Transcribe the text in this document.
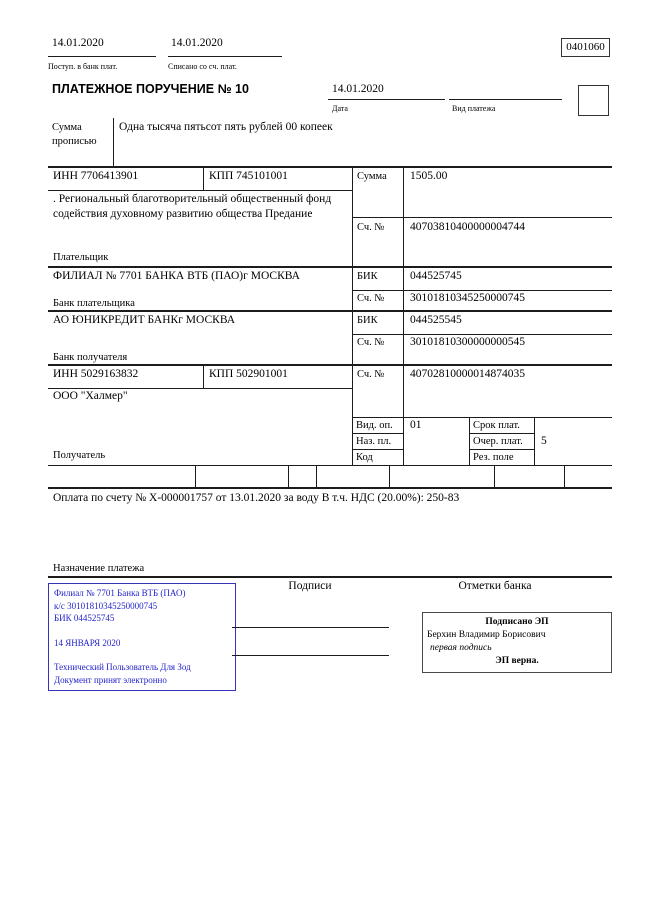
14.01.2020
Поступ. в банк плат.
14.01.2020
Списано со сч. плат.
0401060
ПЛАТЕЖНОЕ ПОРУЧЕНИЕ № 10	14.01.2020
Дата	Вид платежа
Сумма
прописью
Одна тысяча пятьсот пять рублей 00 копеек
ИНН 7706413901	КПП 745101001	Сумма 1505.00
. Региональный благотворительный общественный фонд содействия духовному развитию общества Предание
Сч. № 40703810400000004744
Плательщик
ФИЛИАЛ № 7701 БАНКА ВТБ (ПАО)г МОСКВА	БИК	044525745
Сч. № 30101810345250000745
Банк плательщика
АО ЮНИКРЕДИТ БАНКг МОСКВА	БИК	044525545
Сч. № 30101810300000000545
Банк получателя
ИНН 5029163832	КПП 502901001	Сч. № 40702810000014874035
ООО "Халмер"
Получатель
Вид. оп. 01	Срок плат.
Наз. пл.	Очер. плат. 5
Код	Рез. поле
Оплата по счету № Х-000001757 от 13.01.2020 за воду В т.ч. НДС (20.00%): 250-83
Назначение платежа
Подписи	Отметки банка

Филиал № 7701 Банка ВТБ (ПАО)

к/с 30101810345250000745

БИК 044525745

14 ЯНВАРЯ 2020

Технический Пользователь Для Зод

Документ принят электронно

Подписано ЭП

Берхин Владимир Борисович

первая подпись

ЭП верна.
